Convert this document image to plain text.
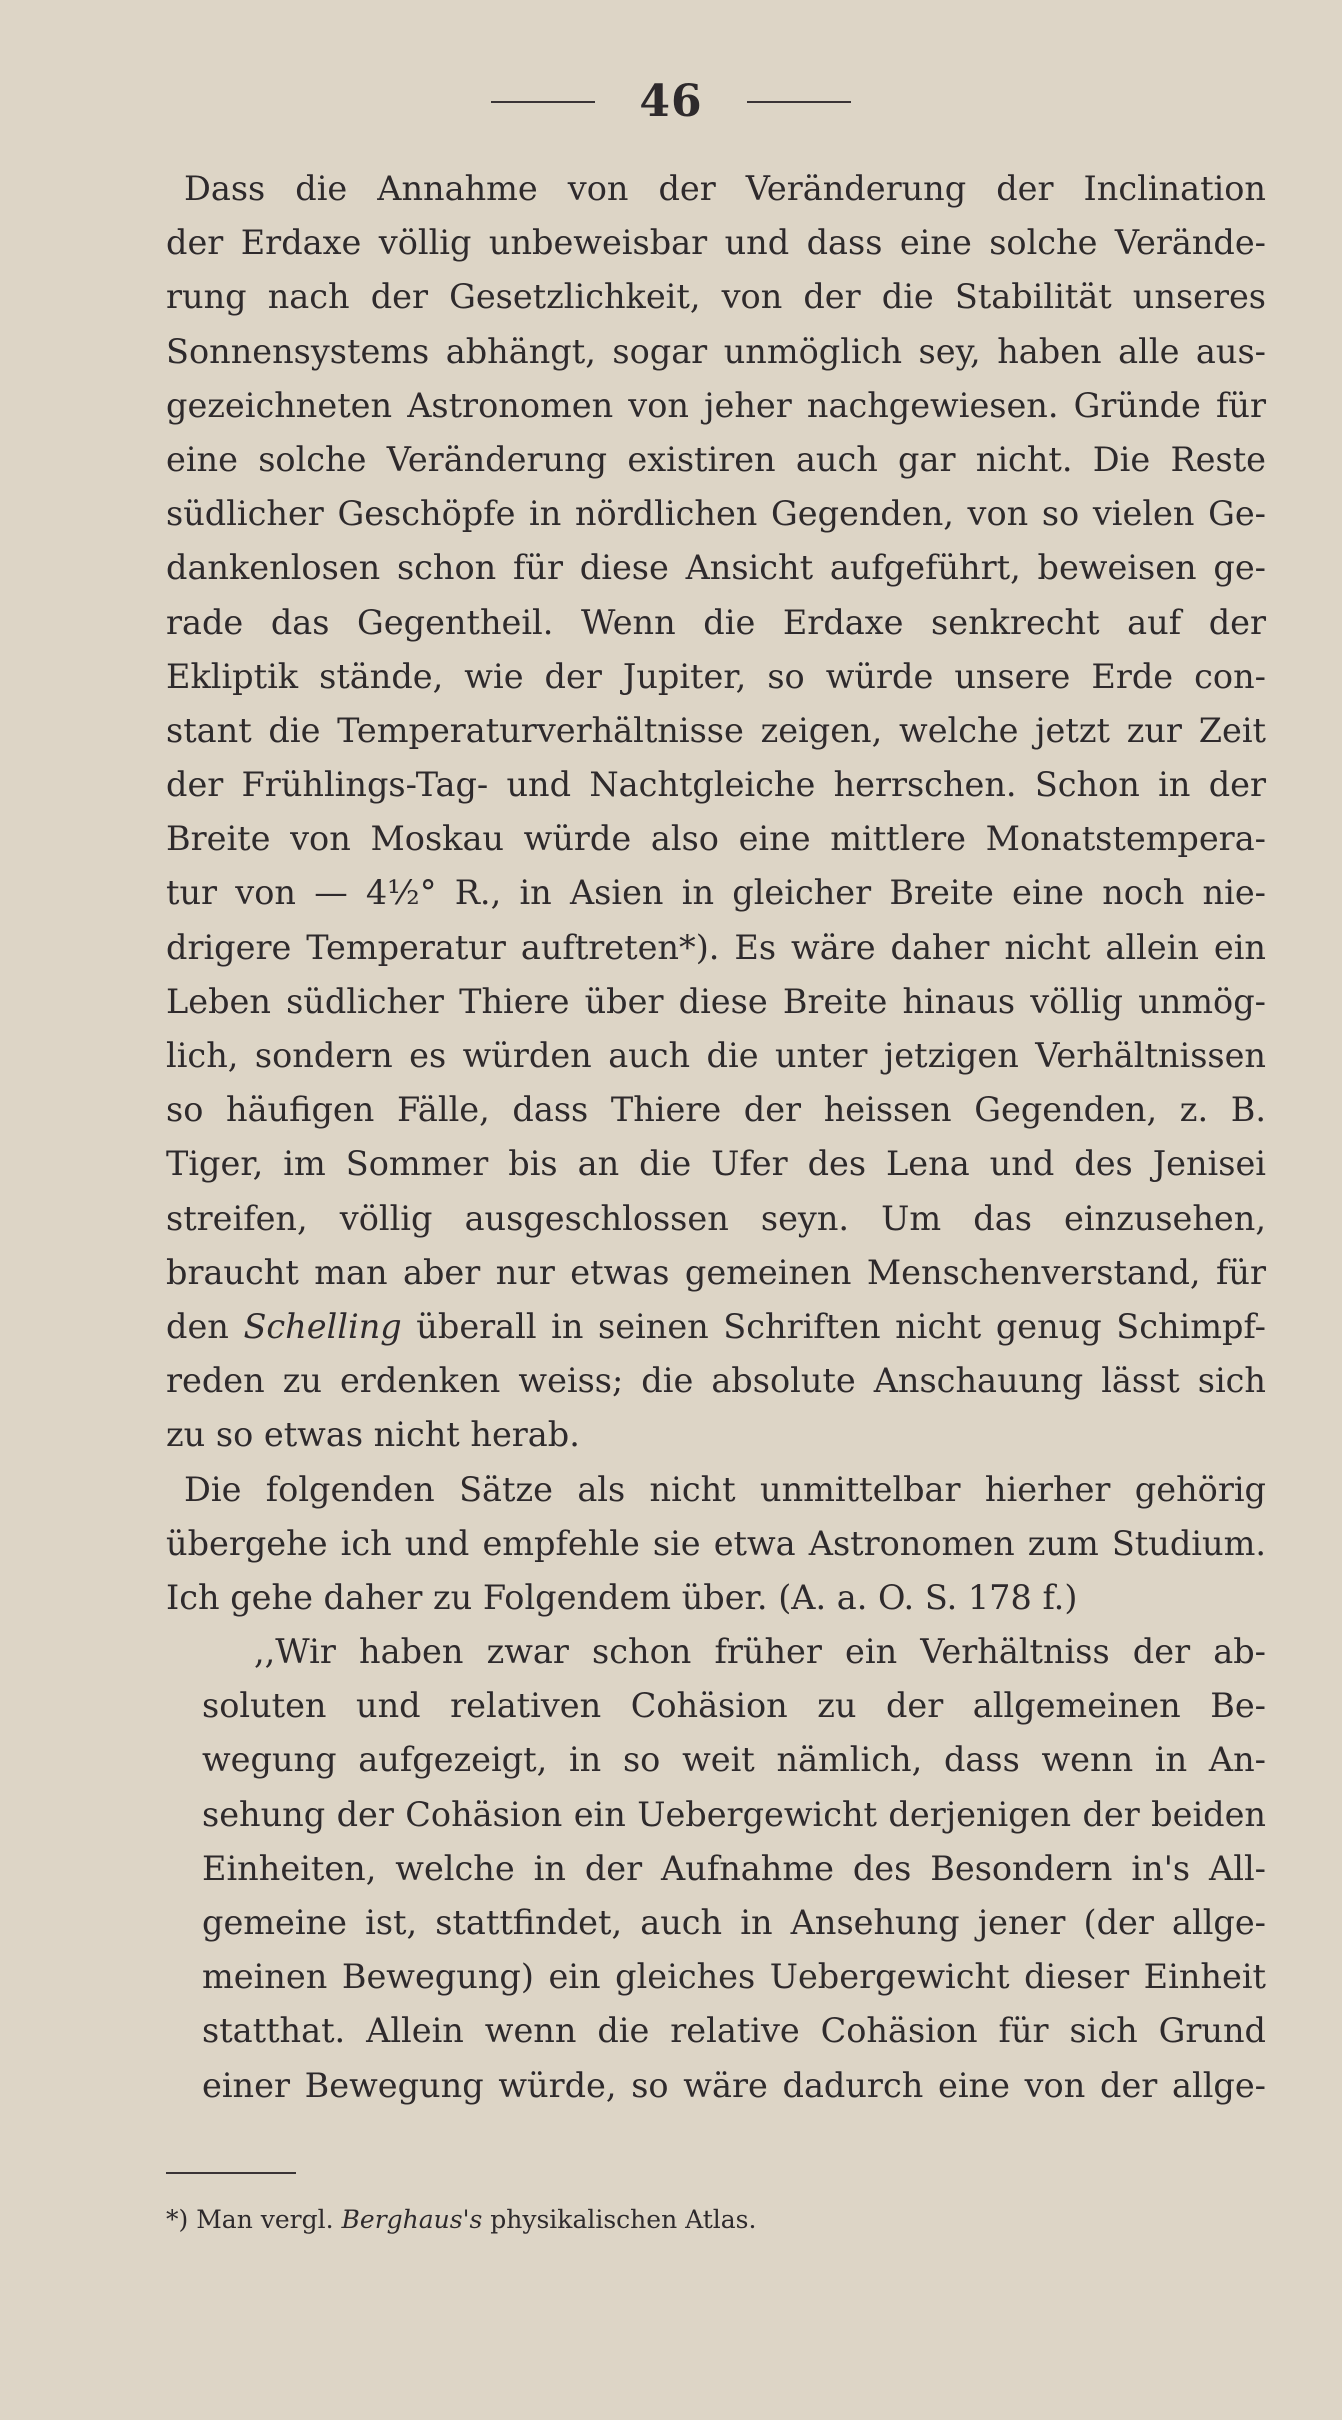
46
Dass die Annahme von der Veränderung der Inclination
der Erdaxe völlig unbeweisbar und dass eine solche Verände-
rung nach der Gesetzlichkeit, von der die Stabilität unseres
Sonnensystems abhängt, sogar unmöglich sey, haben alle aus-
gezeichneten Astronomen von jeher nachgewiesen. Gründe für
eine solche Veränderung existiren auch gar nicht. Die Reste
südlicher Geschöpfe in nördlichen Gegenden, von so vielen Ge-
dankenlosen schon für diese Ansicht aufgeführt, beweisen ge-
rade das Gegentheil. Wenn die Erdaxe senkrecht auf der
Ekliptik stände, wie der Jupiter, so würde unsere Erde con-
stant die Temperaturverhältnisse zeigen, welche jetzt zur Zeit
der Frühlings-Tag- und Nachtgleiche herrschen. Schon in der
Breite von Moskau würde also eine mittlere Monatstempera-
tur von — 4½° R., in Asien in gleicher Breite eine noch nie-
drigere Temperatur auftreten*). Es wäre daher nicht allein ein
Leben südlicher Thiere über diese Breite hinaus völlig unmög-
lich, sondern es würden auch die unter jetzigen Verhältnissen
so häufigen Fälle, dass Thiere der heissen Gegenden, z. B.
Tiger, im Sommer bis an die Ufer des Lena und des Jenisei
streifen, völlig ausgeschlossen seyn. Um das einzusehen,
braucht man aber nur etwas gemeinen Menschenverstand, für
den Schelling überall in seinen Schriften nicht genug Schimpf-
reden zu erdenken weiss; die absolute Anschauung lässt sich
zu so etwas nicht herab.
Die folgenden Sätze als nicht unmittelbar hierher gehörig
übergehe ich und empfehle sie etwa Astronomen zum Studium.
Ich gehe daher zu Folgendem über. (A. a. O. S. 178 f.)
,,Wir haben zwar schon früher ein Verhältniss der ab-
soluten und relativen Cohäsion zu der allgemeinen Be-
wegung aufgezeigt, in so weit nämlich, dass wenn in An-
sehung der Cohäsion ein Uebergewicht derjenigen der beiden
Einheiten, welche in der Aufnahme des Besondern in's All-
gemeine ist, stattfindet, auch in Ansehung jener (der allge-
meinen Bewegung) ein gleiches Uebergewicht dieser Einheit
statthat. Allein wenn die relative Cohäsion für sich Grund
einer Bewegung würde, so wäre dadurch eine von der allge-
*) Man vergl. Berghaus's physikalischen Atlas.
